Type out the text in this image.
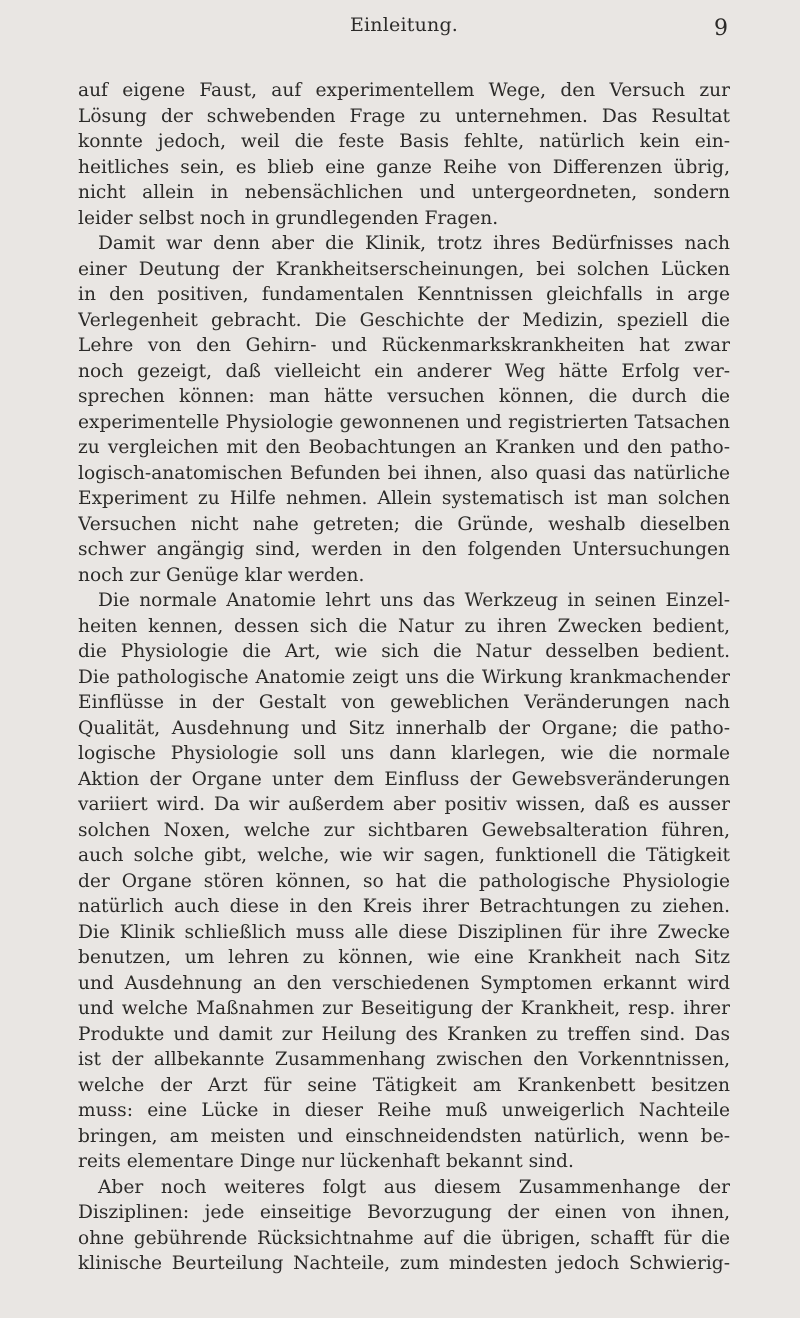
Einleitung.	9
auf eigene Faust, auf experimentellem Wege, den Versuch zur
Lösung der schwebenden Frage zu unternehmen. Das Resultat
konnte jedoch, weil die feste Basis fehlte, natürlich kein ein-
heitliches sein, es blieb eine ganze Reihe von Differenzen übrig,
nicht allein in nebensächlichen und untergeordneten, sondern
leider selbst noch in grundlegenden Fragen.
Damit war denn aber die Klinik, trotz ihres Bedürfnisses nach
einer Deutung der Krankheitserscheinungen, bei solchen Lücken
in den positiven, fundamentalen Kenntnissen gleichfalls in arge
Verlegenheit gebracht. Die Geschichte der Medizin, speziell die
Lehre von den Gehirn- und Rückenmarkskrankheiten hat zwar
noch gezeigt, daß vielleicht ein anderer Weg hätte Erfolg ver-
sprechen können: man hätte versuchen können, die durch die
experimentelle Physiologie gewonnenen und registrierten Tatsachen
zu vergleichen mit den Beobachtungen an Kranken und den patho-
logisch-anatomischen Befunden bei ihnen, also quasi das natürliche
Experiment zu Hilfe nehmen. Allein systematisch ist man solchen
Versuchen nicht nahe getreten; die Gründe, weshalb dieselben
schwer angängig sind, werden in den folgenden Untersuchungen
noch zur Genüge klar werden.
Die normale Anatomie lehrt uns das Werkzeug in seinen Einzel-
heiten kennen, dessen sich die Natur zu ihren Zwecken bedient,
die Physiologie die Art, wie sich die Natur desselben bedient.
Die pathologische Anatomie zeigt uns die Wirkung krankmachender
Einflüsse in der Gestalt von geweblichen Veränderungen nach
Qualität, Ausdehnung und Sitz innerhalb der Organe; die patho-
logische Physiologie soll uns dann klarlegen, wie die normale
Aktion der Organe unter dem Einfluss der Gewebsveränderungen
variiert wird. Da wir außerdem aber positiv wissen, daß es ausser
solchen Noxen, welche zur sichtbaren Gewebsalteration führen,
auch solche gibt, welche, wie wir sagen, funktionell die Tätigkeit
der Organe stören können, so hat die pathologische Physiologie
natürlich auch diese in den Kreis ihrer Betrachtungen zu ziehen.
Die Klinik schließlich muss alle diese Disziplinen für ihre Zwecke
benutzen, um lehren zu können, wie eine Krankheit nach Sitz
und Ausdehnung an den verschiedenen Symptomen erkannt wird
und welche Maßnahmen zur Beseitigung der Krankheit, resp. ihrer
Produkte und damit zur Heilung des Kranken zu treffen sind. Das
ist der allbekannte Zusammenhang zwischen den Vorkenntnissen,
welche der Arzt für seine Tätigkeit am Krankenbett besitzen
muss: eine Lücke in dieser Reihe muß unweigerlich Nachteile
bringen, am meisten und einschneidendsten natürlich, wenn be-
reits elementare Dinge nur lückenhaft bekannt sind.
Aber noch weiteres folgt aus diesem Zusammenhange der
Disziplinen: jede einseitige Bevorzugung der einen von ihnen,
ohne gebührende Rücksichtnahme auf die übrigen, schafft für die
klinische Beurteilung Nachteile, zum mindesten jedoch Schwierig-
